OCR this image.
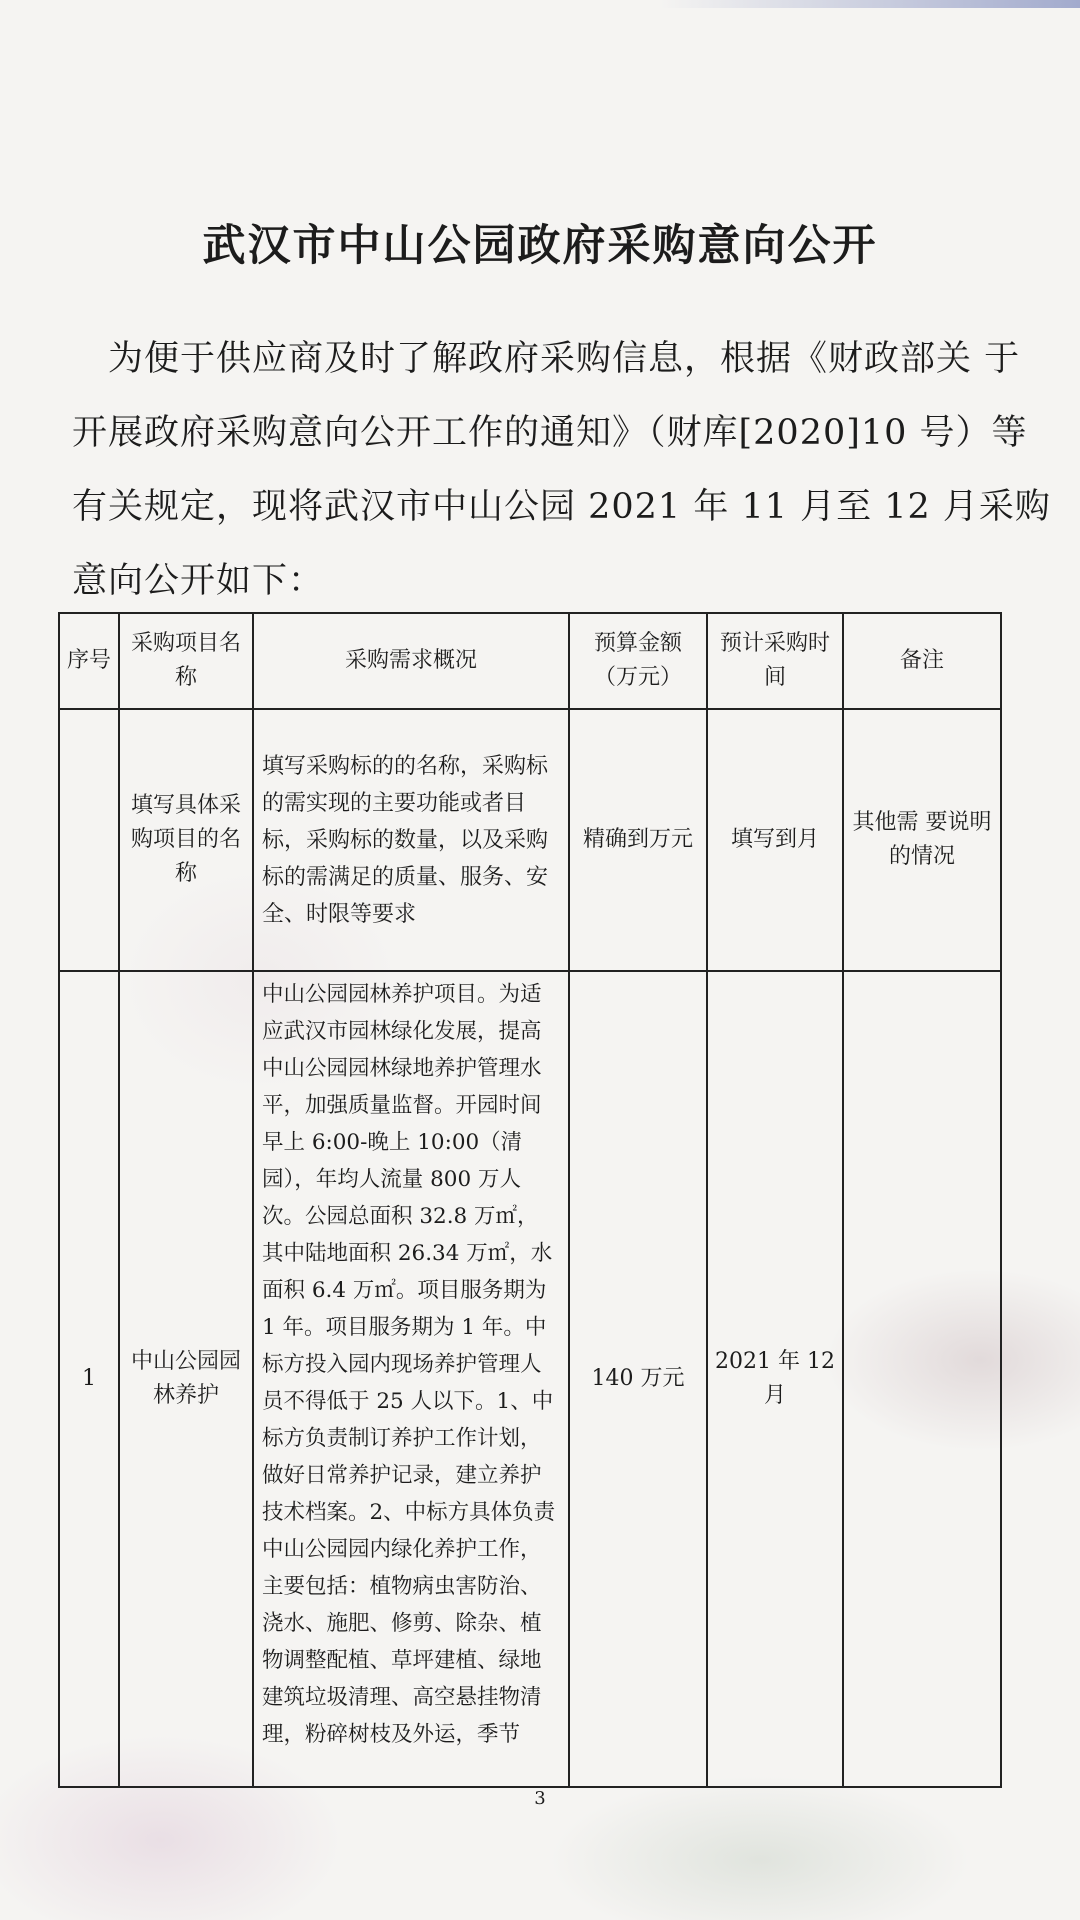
武汉市中山公园政府采购意向公开
为便于供应商及时了解政府采购信息，根据《财政部关 于
开展政府采购意向公开工作的通知》（财库[2020]10 号）等
有关规定，现将武汉市中山公园 2021 年 11 月至 12 月采购
意向公开如下：
序号	采购项目名称	采购需求概况	预算金额（万元）	预计采购时间	备注
	填写具体采购项目的名称	填写采购标的的名称，采购标的需实现的主要功能或者目标，采购标的数量，以及采购标的需满足的质量、服务、安全、时限等要求	精确到万元	填写到月	其他需 要说明 的情况
1	中山公园园林养护	中山公园园林养护项目。为适应武汉市园林绿化发展，提高中山公园园林绿地养护管理水平，加强质量监督。开园时间早上 6:00-晚上 10:00（清园），年均人流量 800 万人次。公园总面积 32.8 万㎡，其中陆地面积 26.34 万㎡，水面积 6.4 万㎡。项目服务期为 1 年。项目服务期为 1 年。中标方投入园内现场养护管理人员不得低于 25 人以下。1、中标方负责制订养护工作计划，做好日常养护记录，建立养护技术档案。2、中标方具体负责中山公园园内绿化养护工作，主要包括：植物病虫害防治、浇水、施肥、修剪、除杂、植物调整配植、草坪建植、绿地建筑垃圾清理、高空悬挂物清理，粉碎树枝及外运，季节	140 万元	2021 年 12 月	
3
